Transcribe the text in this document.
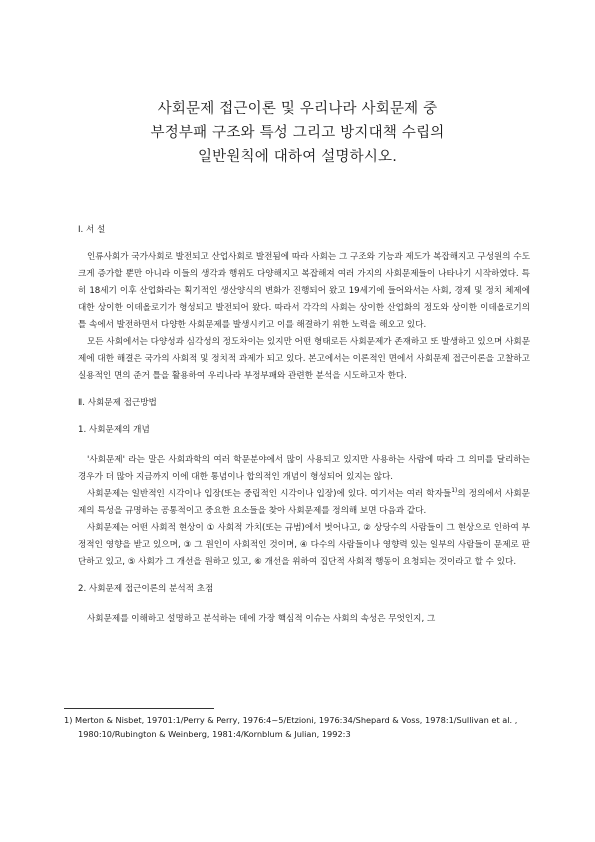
사회문제 접근이론 및 우리나라 사회문제 중
부정부패 구조와 특성 그리고 방지대책 수립의
일반원칙에 대하여 설명하시오.
Ⅰ. 서 설
인류사회가 국가사회로 발전되고 산업사회로 발전됨에 따라 사회는 그 구조와 기능과 제도가 복잡해지고 구성원의 수도 크게 증가할 뿐만 아니라 이들의 생각과 행위도 다양해지고 복잡해져 여러 가지의 사회문제들이 나타나기 시작하였다. 특히 18세기 이후 산업화라는 획기적인 생산양식의 변화가 진행되어 왔고 19세기에 들어와서는 사회, 경제 및 정치 체제에 대한 상이한 이데올로기가 형성되고 발전되어 왔다. 따라서 각각의 사회는 상이한 산업화의 정도와 상이한 이데올로기의 틀 속에서 발전하면서 다양한 사회문제를 발생시키고 이를 해결하기 위한 노력을 해오고 있다.
모든 사회에서는 다양성과 심각성의 정도차이는 있지만 어떤 형태로든 사회문제가 존재하고 또 발생하고 있으며 사회문제에 대한 해결은 국가의 사회적 및 정치적 과제가 되고 있다. 본고에서는 이론적인 면에서 사회문제 접근이론을 고찰하고 실용적인 면의 준거 틀을 활용하여 우리나라 부정부패와 관련한 분석을 시도하고자 한다.
Ⅱ. 사회문제 접근방법
1. 사회문제의 개념
'사회문제' 라는 말은 사회과학의 여러 학문분야에서 많이 사용되고 있지만 사용하는 사람에 따라 그 의미를 달리하는 경우가 더 많아 지금까지 이에 대한 통념이나 합의적인 개념이 형성되어 있지는 않다.
사회문제는 일반적인 시각이나 입장(또는 중립적인 시각이나 입장)에 있다. 여기서는 여러 학자들$^{1)}$의 정의에서 사회문제의 특성을 규명하는 공통적이고 중요한 요소들을 찾아 사회문제를 정의해 보면 다음과 같다.
사회문제는 어떤 사회적 현상이 ① 사회적 가치(또는 규범)에서 벗어나고, ② 상당수의 사람들이 그 현상으로 인하여 부정적인 영향을 받고 있으며, ③ 그 원인이 사회적인 것이며, ④ 다수의 사람들이나 영향력 있는 일부의 사람들이 문제로 판단하고 있고, ⑤ 사회가 그 개선을 원하고 있고, ⑥ 개선을 위하여 집단적 사회적 행동이 요청되는 것이라고 할 수 있다.
2. 사회문제 접근이론의 분석적 초점
사회문제를 이해하고 설명하고 분석하는 데에 가장 핵심적 이슈는 사회의 속성은 무엇인지, 그
1) Merton & Nisbet, 19701:1/Perry & Perry, 1976:4~5/Etzioni, 1976:34/Shepard & Voss, 1978:1/Sullivan et al. , 1980:10/Rubington & Weinberg, 1981:4/Kornblum & Julian, 1992:3
